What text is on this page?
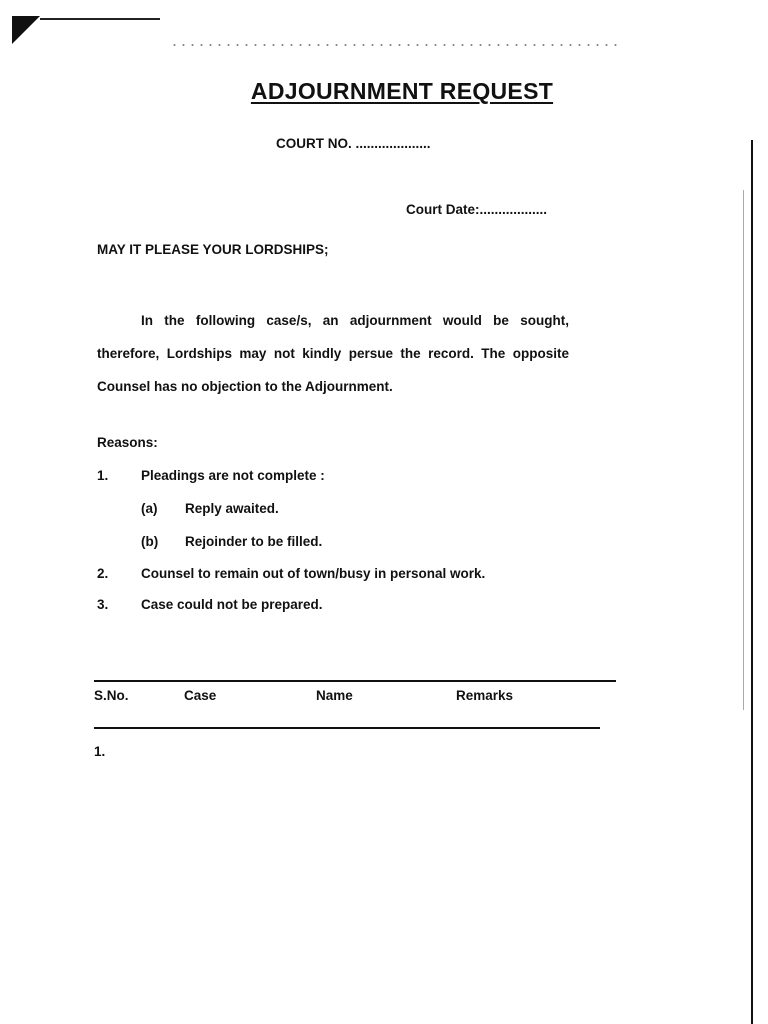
ADJOURNMENT REQUEST
COURT NO. ....................
Court Date:..................
MAY IT PLEASE YOUR LORDSHIPS;
In the following case/s, an adjournment would be sought, therefore, Lordships may not kindly persue the record. The opposite Counsel has no objection to the Adjournment.
Reasons:
1. Pleadings are not complete :
(a) Reply awaited.
(b) Rejoinder to be filled.
2. Counsel to remain out of town/busy in personal work.
3. Case could not be prepared.
S.No.	Case	Name	Remarks
1.
